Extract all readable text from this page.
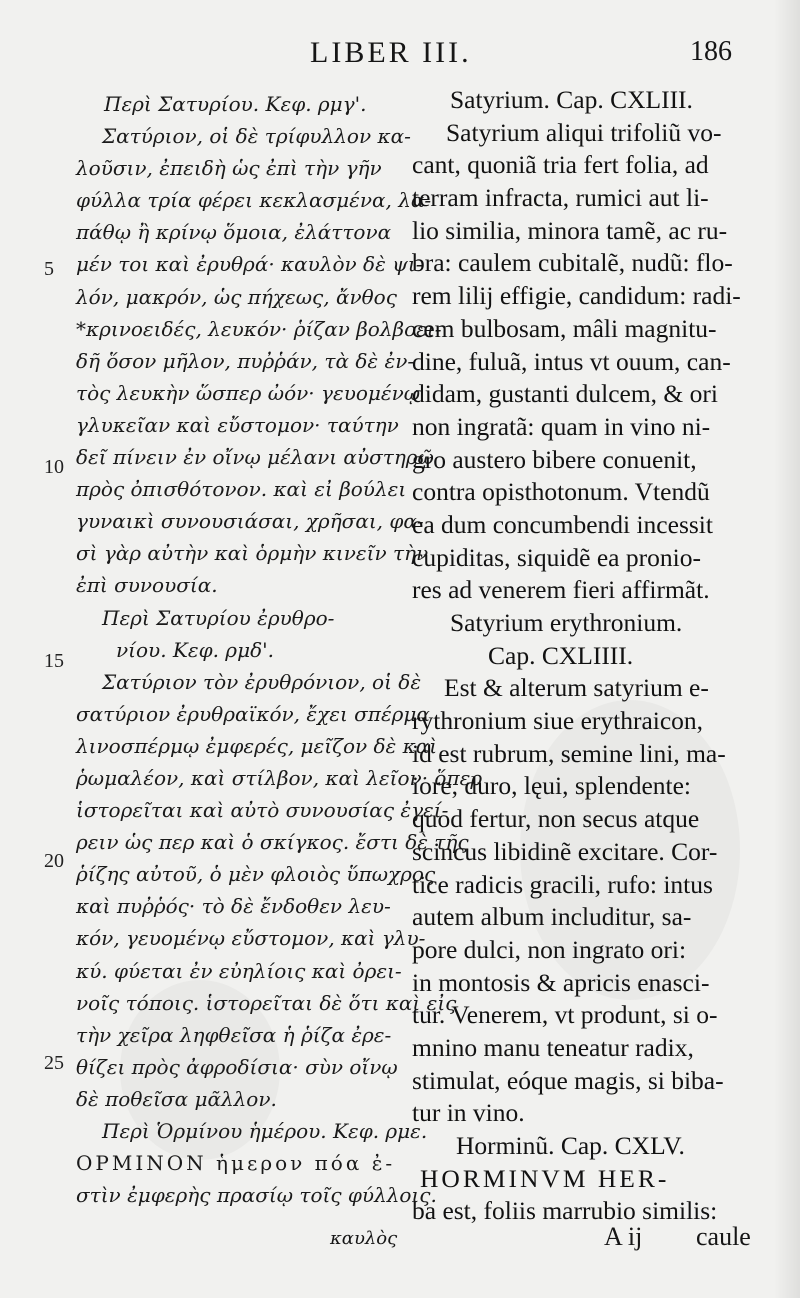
LIBER III.	186
Περὶ Σατυρίου. Κεφ. ρμγ'.
Σατύριον, οἱ δὲ τρίφυλλον κα-
λοῦσιν, ἐπειδὴ ὡς ἐπὶ τὴν γῆν
φύλλα τρία φέρει κεκλασμένα, λα-
πάθῳ ἢ κρίνῳ ὅμοια, ἐλάττονα
μέν τοι καὶ ἐρυθρά· καυλὸν δὲ ψι-
λόν, μακρόν, ὡς πήχεως, ἄνθος
*κρινοειδές, λευκόν· ῥίζαν βολβοει-
δῆ ὅσον μῆλον, πυῤῥάν, τὰ δὲ ἐν-
τὸς λευκὴν ὥσπερ ὠόν· γευομένῳ
γλυκεῖαν καὶ εὔστομον· ταύτην
δεῖ πίνειν ἐν οἴνῳ μέλανι αὐστηρῷ
πρὸς ὀπισθότονον. καὶ εἰ βούλει
γυναικὶ συνουσιάσαι, χρῆσαι, φα-
σὶ γὰρ αὐτὴν καὶ ὁρμὴν κινεῖν τὴν
ἐπὶ συνουσία.
Περὶ Σατυρίου ἐρυθρο-
νίου. Κεφ. ρμδ'.
Σατύριον τὸν ἐρυθρόνιον, οἱ δὲ
σατύριον ἐρυθραϊκόν, ἔχει σπέρμα
λινοσπέρμῳ ἐμφερές, μεῖζον δὲ καὶ
ῥωμαλέον, καὶ στίλβον, καὶ λεῖον· ὅπερ
ἱστορεῖται καὶ αὐτὸ συνουσίας ἐγεί-
ρειν ὡς περ καὶ ὁ σκίγκος. ἔστι δὲ τῆς
ῥίζης αὐτοῦ, ὁ μὲν φλοιὸς ὕπωχρος
καὶ πυῤῥός· τὸ δὲ ἔνδοθεν λευ-
κόν, γευομένῳ εὔστομον, καὶ γλυ-
κύ. φύεται ἐν εὐηλίοις καὶ ὀρει-
νοῖς τόποις. ἱστορεῖται δὲ ὅτι καὶ εἰς
τὴν χεῖρα ληφθεῖσα ἡ ῥίζα ἐρε-
θίζει πρὸς ἀφροδίσια· σὺν οἴνῳ
δὲ ποθεῖσα μᾶλλον.
Περὶ Ὁρμίνου ἡμέρου. Κεφ. ρμε.
ΟΡΜΙΝΟΝ ἡμερον πόα ἐ-
στὶν ἐμφερὴς πρασίῳ τοῖς φύλλοις.
καυλὸς
5
10
15
20
25
Satyrium. Cap. CXLIII.
Satyrium aliqui trifoliũ vo-
cant, quoniã tria fert folia, ad
terram infracta, rumici aut li-
lio similia, minora tamẽ, ac ru-
bra: caulem cubitalẽ, nudũ: flo-
rem lilij effigie, candidum: radi-
cem bulbosam, mâli magnitu-
dine, fuluã, intus vt ouum, can-
didam, gustanti dulcem, & ori
non ingratã: quam in vino ni-
gro austero bibere conuenit,
contra opisthotonum. Vtendũ
ea dum concumbendi incessit
cupiditas, siquidẽ ea pronio-
res ad venerem fieri affirmãt.
Satyrium erythronium.
Cap. CXLIIII.
Est & alterum satyrium e-
rythronium siue erythraicon,
id est rubrum, semine lini, ma-
iore, duro, lęui, splendente:
quod fertur, non secus atque
scincus libidinẽ excitare. Cor-
tice radicis gracili, rufo: intus
autem album includitur, sa-
pore dulci, non ingrato ori:
in montosis & apricis enasci-
tur. Venerem, vt produnt, si o-
mnino manu teneatur radix,
stimulat, eóque magis, si biba-
tur in vino.
Horminũ. Cap. CXLV.
HORMINVM HER-
ba est, foliis marrubio similis:
A ij caule
